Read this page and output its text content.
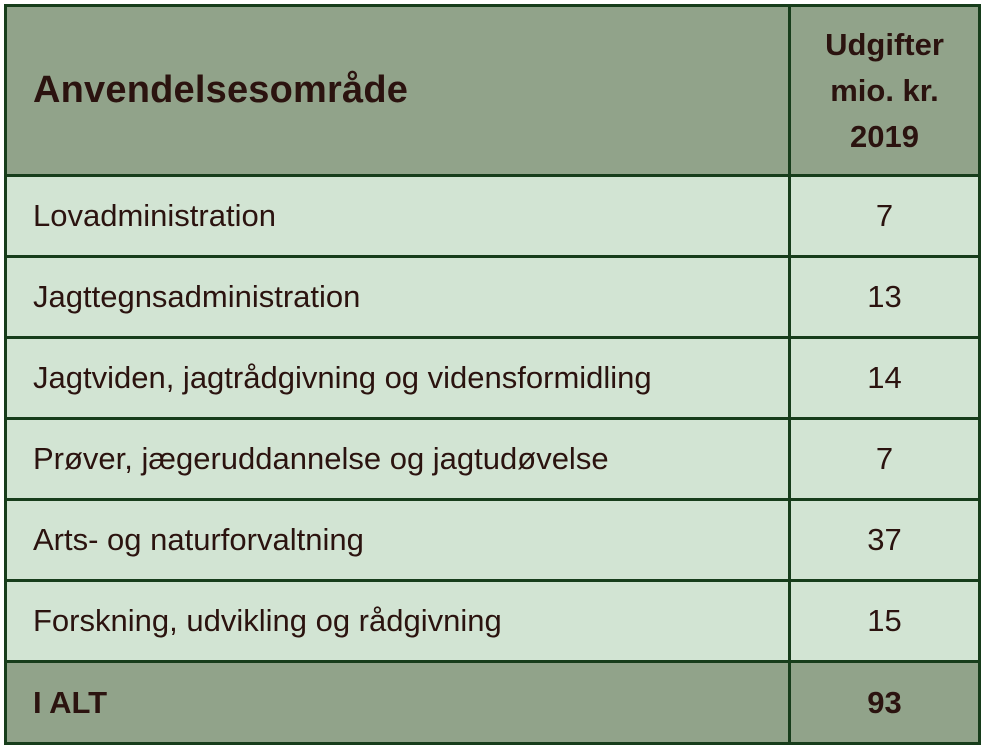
Anvendelsesområde	Udgifter
mio. kr.
2019

Lovadministration	7
Jagttegnsadministration	13
Jagtviden, jagtrådgivning og vidensformidling	14
Prøver, jægeruddannelse og jagtudøvelse	7
Arts- og naturforvaltning	37
Forskning, udvikling og rådgivning	15
I ALT	93
